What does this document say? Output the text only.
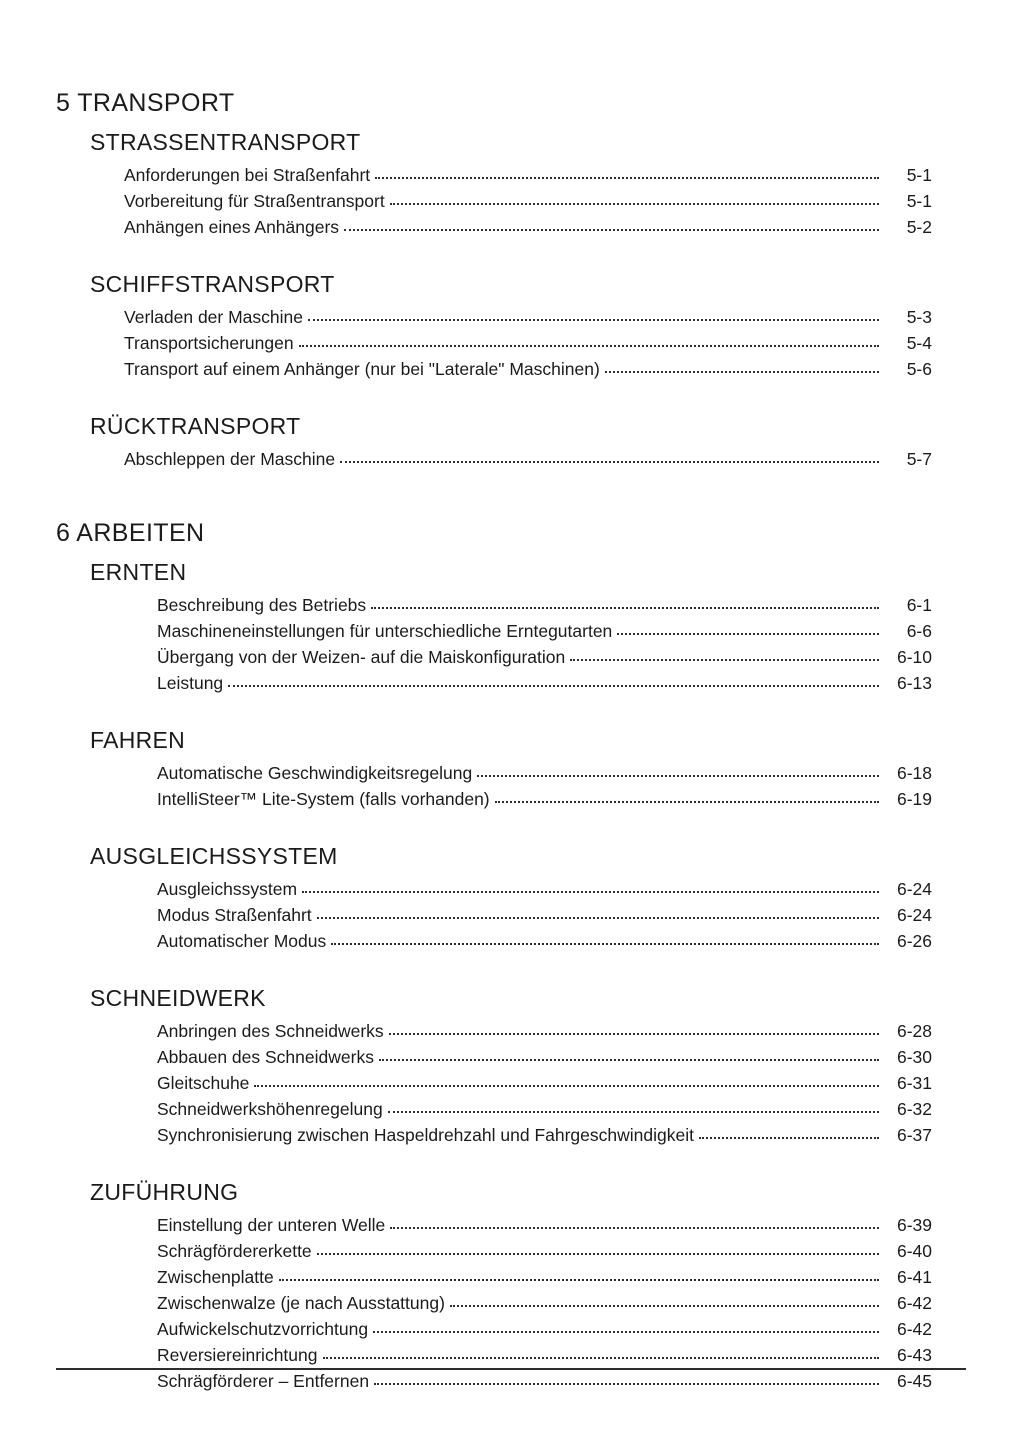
5 TRANSPORT
STRASSENTRANSPORT
Anforderungen bei Straßenfahrt	5-1
Vorbereitung für Straßentransport	5-1
Anhängen eines Anhängers	5-2
SCHIFFSTRANSPORT
Verladen der Maschine	5-3
Transportsicherungen	5-4
Transport auf einem Anhänger (nur bei "Laterale" Maschinen)	5-6
RÜCKTRANSPORT
Abschleppen der Maschine	5-7
6 ARBEITEN
ERNTEN
Beschreibung des Betriebs	6-1
Maschineneinstellungen für unterschiedliche Erntegutarten	6-6
Übergang von der Weizen- auf die Maiskonfiguration	6-10
Leistung	6-13
FAHREN
Automatische Geschwindigkeitsregelung	6-18
IntelliSteer™ Lite-System (falls vorhanden)	6-19
AUSGLEICHSSYSTEM
Ausgleichssystem	6-24
Modus Straßenfahrt	6-24
Automatischer Modus	6-26
SCHNEIDWERK
Anbringen des Schneidwerks	6-28
Abbauen des Schneidwerks	6-30
Gleitschuhe	6-31
Schneidwerkshöhenregelung	6-32
Synchronisierung zwischen Haspeldrehzahl und Fahrgeschwindigkeit	6-37
ZUFÜHRUNG
Einstellung der unteren Welle	6-39
Schrägfördererkette	6-40
Zwischenplatte	6-41
Zwischenwalze (je nach Ausstattung)	6-42
Aufwickelschutzvorrichtung	6-42
Reversiereinrichtung	6-43
Schrägförderer – Entfernen	6-45
